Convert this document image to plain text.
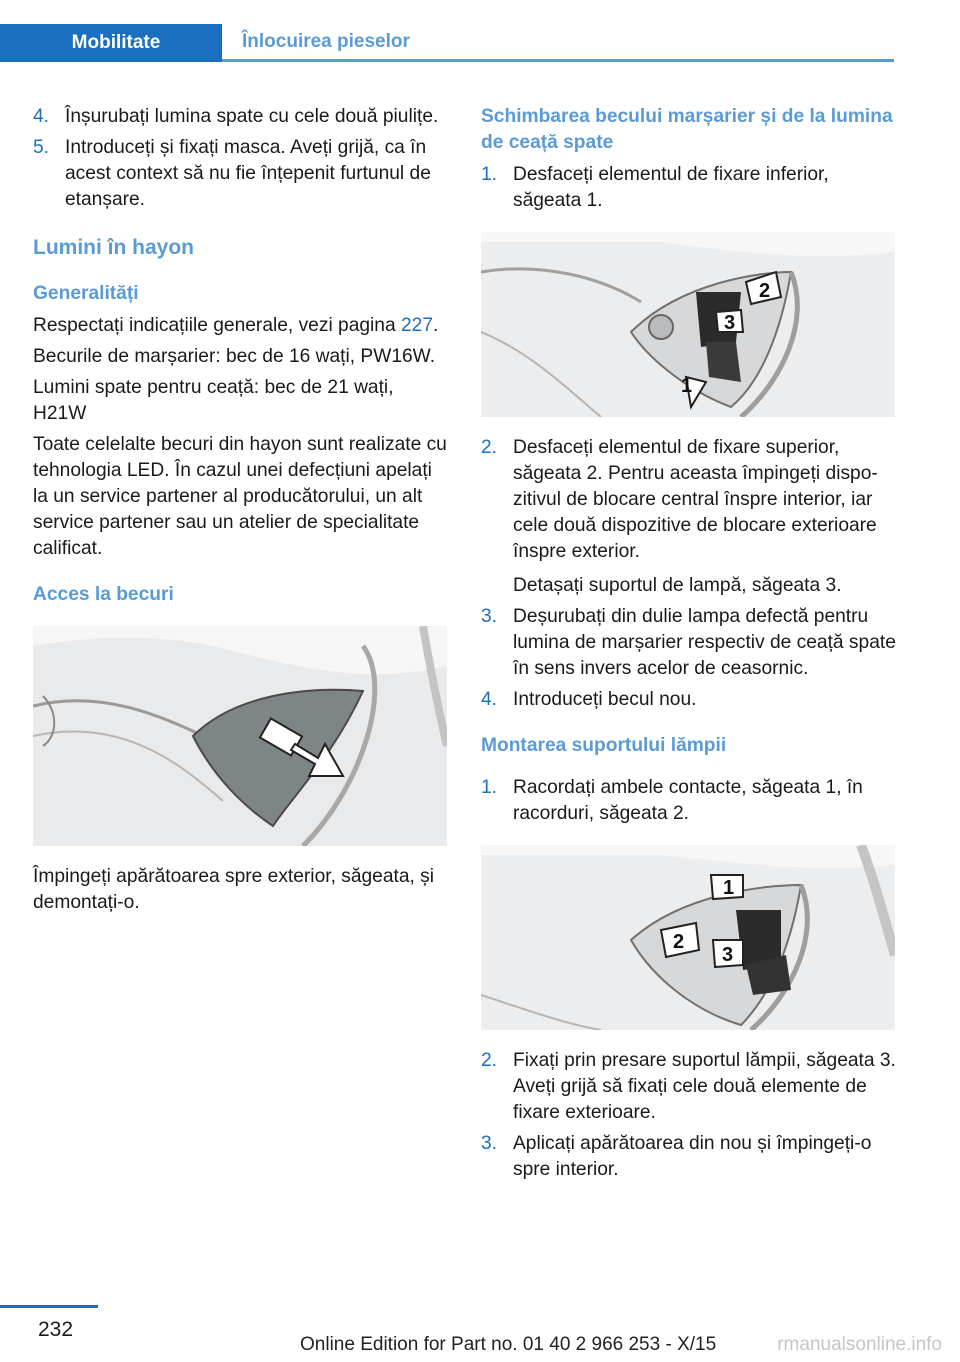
Mobilitate	Înlocuirea pieselor
4. Înșurubați lumina spate cu cele două piulițe.
5. Introduceți și fixați masca. Aveți grijă, ca în acest context să nu fie înțepenit furtunul de etanșare.
Lumini în hayon
Generalități

Respectați indicațiile generale, vezi pagina 227.

Becurile de marșarier: bec de 16 wați, PW16W.

Lumini spate pentru ceață: bec de 21 wați, H21W

Toate celelalte becuri din hayon sunt realizate cu tehnologia LED. În cazul unei defecțiuni apelați la un service partener al producătorului, un alt service partener sau un atelier de specialitate calificat.

Acces la becuri

Împingeți apărătoarea spre exterior, săgeata, și demontați-o.

Schimbarea becului marșarier și de la lumina de ceață spate
1. Desfaceți elementul de fixare inferior, săgeata 1.
1
2
3
2. Desfaceți elementul de fixare superior, săgeata 2. Pentru aceasta împingeți dispozitivul de blocare central înspre interior, iar cele două dispozitive de blocare exterioare înspre exterior.
Detașați suportul de lampă, săgeata 3.
3. Deșurubați din dulie lampa defectă pentru lumina de marșarier respectiv de ceață spate în sens invers acelor de ceasornic.
4. Introduceți becul nou.
Montarea suportului lămpii
1. Racordați ambele contacte, săgeata 1, în racorduri, săgeata 2.
1
2
3
2. Fixați prin presare suportul lămpii, săgeata 3. Aveți grijă să fixați cele două elemente de fixare exterioare.
3. Aplicați apărătoarea din nou și împingeți-o spre interior.
232
Online Edition for Part no. 01 40 2 966 253 - X/15	rmanualsonline.info
